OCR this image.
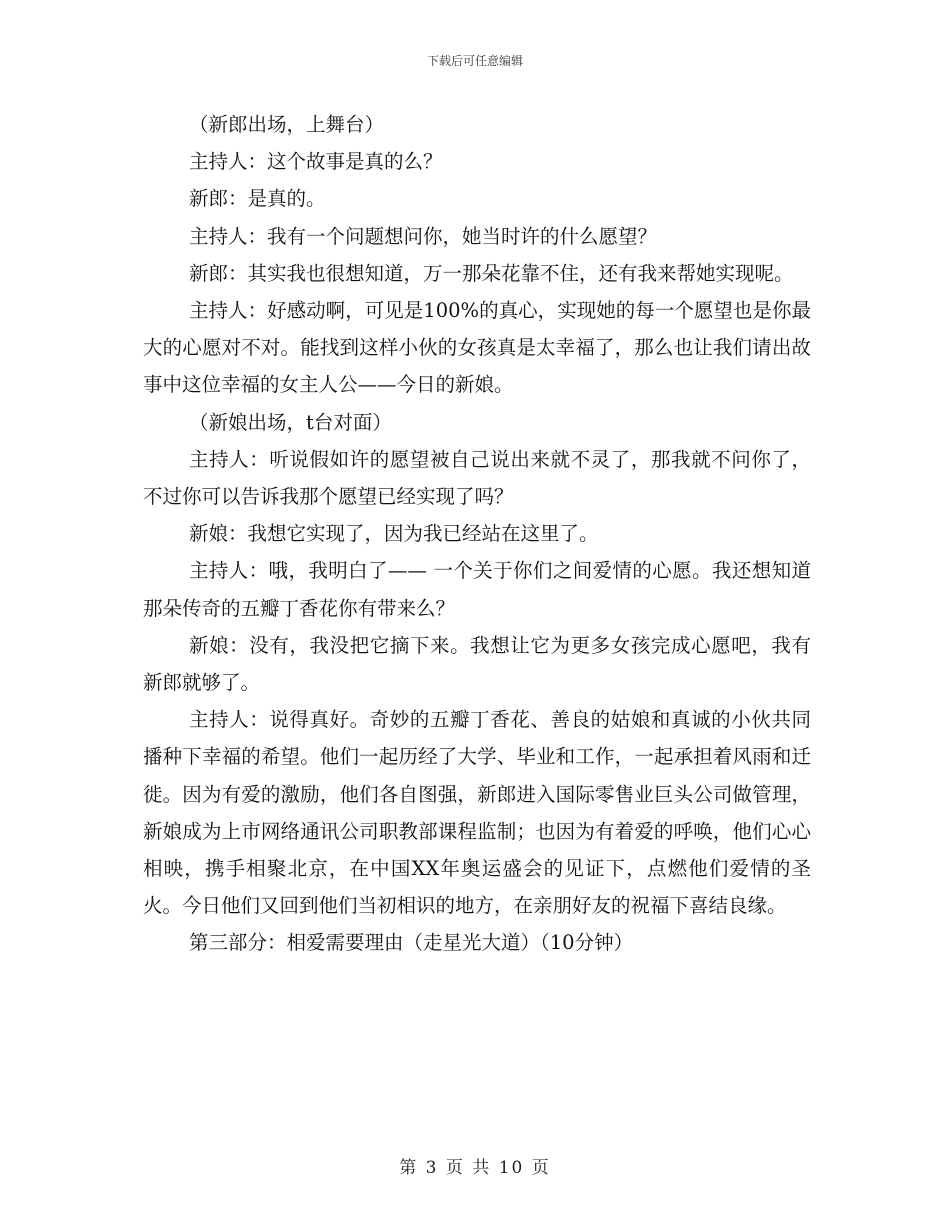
下载后可任意编辑

（新郎出场，上舞台）

主持人：这个故事是真的么？

新郎：是真的。

主持人：我有一个问题想问你，她当时许的什么愿望？

新郎：其实我也很想知道，万一那朵花靠不住，还有我来帮她实现呢。

主持人：好感动啊，可见是100%的真心，实现她的每一个愿望也是你最大的心愿对不对。能找到这样小伙的女孩真是太幸福了，那么也让我们请出故事中这位幸福的女主人公——今日的新娘。

（新娘出场，t台对面）

主持人：听说假如许的愿望被自己说出来就不灵了，那我就不问你了，不过你可以告诉我那个愿望已经实现了吗？

新娘：我想它实现了，因为我已经站在这里了。

主持人：哦，我明白了—— 一个关于你们之间爱情的心愿。我还想知道那朵传奇的五瓣丁香花你有带来么？

新娘：没有，我没把它摘下来。我想让它为更多女孩完成心愿吧，我有新郎就够了。

主持人：说得真好。奇妙的五瓣丁香花、善良的姑娘和真诚的小伙共同播种下幸福的希望。他们一起历经了大学、毕业和工作，一起承担着风雨和迁徙。因为有爱的激励，他们各自图强，新郎进入国际零售业巨头公司做管理，新娘成为上市网络通讯公司职教部课程监制；也因为有着爱的呼唤，他们心心相映，携手相聚北京，在中国XX年奥运盛会的见证下，点燃他们爱情的圣火。今日他们又回到他们当初相识的地方，在亲朋好友的祝福下喜结良缘。

第三部分：相爱需要理由（走星光大道）（10分钟）

第 3 页 共 10 页
